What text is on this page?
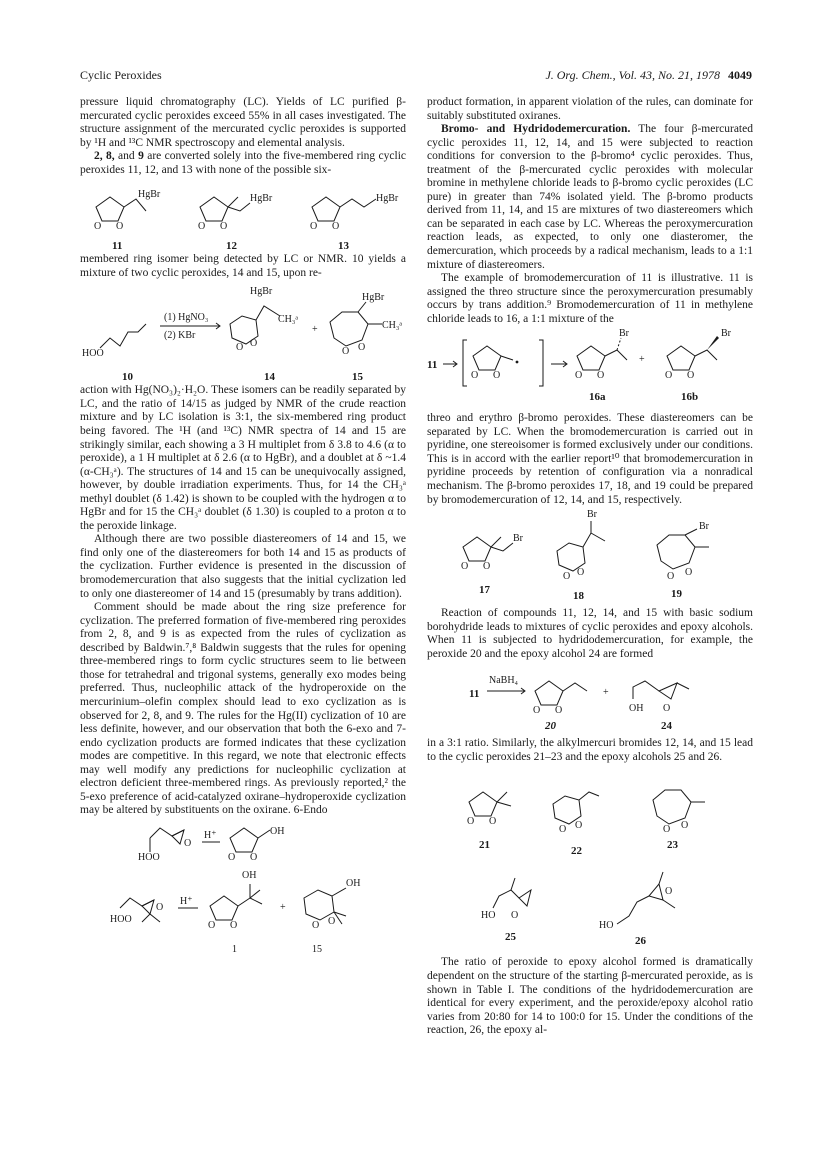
Cyclic Peroxides	J. Org. Chem., Vol. 43, No. 21, 1978 4049

pressure liquid chromatography (LC). Yields of LC purified β-mercurated cyclic peroxides exceed 55% in all cases investigated. The structure assignment of the mercurated cyclic peroxides is supported by ¹H and ¹³C NMR spectroscopy and elemental analysis.

2, 8, and 9 are converted solely into the five-membered ring cyclic peroxides 11, 12, and 13 with none of the possible six-

O O
HgBr
11
O O
HgBr
12
O O
HgBr
13

membered ring isomer being detected by LC or NMR. 10 yields a mixture of two cyclic peroxides, 14 and 15, upon re-

HOO
10
(1) HgNO₃
(2) KBr
O O
HgBr
CH₃ᵃ
14
+
O O
HgBr
CH₃ᵃ
15

action with Hg(NO₃)₂·H₂O. These isomers can be readily separated by LC, and the ratio of 14/15 as judged by NMR of the crude reaction mixture and by LC isolation is 3:1, the six-membered ring product being favored. The ¹H (and ¹³C) NMR spectra of 14 and 15 are strikingly similar, each showing a 3 H multiplet from δ 3.8 to 4.6 (α to peroxide), a 1 H multiplet at δ 2.6 (α to HgBr), and a doublet at δ ~1.4 (α-CH₃ᵃ). The structures of 14 and 15 can be unequivocally assigned, however, by double irradiation experiments. Thus, for 14 the CH₃ᵃ methyl doublet (δ 1.42) is shown to be coupled with the hydrogen α to HgBr and for 15 the CH₃ᵃ doublet (δ 1.30) is coupled to a proton α to the peroxide linkage.

Although there are two possible diastereomers of 14 and 15, we find only one of the diastereomers for both 14 and 15 as products of the cyclization. Further evidence is presented in the discussion of bromodemercuration that also suggests that the initial cyclization led to only one diastereomer of 14 and 15 (presumably by trans addition).

Comment should be made about the ring size preference for cyclization. The preferred formation of five-membered ring peroxides from 2, 8, and 9 is as expected from the rules of cyclization as described by Baldwin.⁷,⁸ Baldwin suggests that the rules for opening three-membered rings to form cyclic structures seem to lie between those for tetrahedral and trigonal systems, generally exo modes being preferred. Thus, nucleophilic attack of the hydroperoxide on the mercurinium–olefin complex should lead to exo cyclization as is observed for 2, 8, and 9. The rules for the Hg(II) cyclization of 10 are less definite, however, and our observation that both the 6-exo and 7-endo cyclization products are formed indicates that these cyclization modes are competitive. In this regard, we note that electronic effects may well modify any predictions for nucleophilic cyclization at electron deficient three-membered rings. As previously reported,² the 5-exo preference of acid-catalyzed oxirane–hydroperoxide cyclization may be altered by substituents on the oxirane. 6-Endo

O
HOO
H⁺
O O
OH
O
HOO
H⁺
O O
OH
1
+
O O
OH
15

product formation, in apparent violation of the rules, can dominate for suitably substituted oxiranes.

Bromo- and Hydridodemercuration. The four β-mercurated cyclic peroxides 11, 12, 14, and 15 were subjected to reaction conditions for conversion to the β-bromo⁴ cyclic peroxides. Thus, treatment of the β-mercurated cyclic peroxides with molecular bromine in methylene chloride leads to β-bromo cyclic peroxides (LC pure) in greater than 74% isolated yield. The β-bromo products derived from 11, 14, and 15 are mixtures of two diastereomers which can be separated in each case by LC. Whereas the peroxymercuration reaction leads, as expected, to only one diasteromer, the demercuration, which proceeds by a radical mechanism, leads to a 1:1 mixture of diastereomers.

The example of bromodemercuration of 11 is illustrative. 11 is assigned the threo structure since the peroxymercuration presumably occurs by trans addition.⁹ Bromodemercuration of 11 in methylene chloride leads to 16, a 1:1 mixture of the

11
O O	O O
Br
16a
+
O O
Br
16b

threo and erythro β-bromo peroxides. These diastereomers can be separated by LC. When the bromodemercuration is carried out in pyridine, one stereoisomer is formed exclusively under our conditions. This is in accord with the earlier report¹⁰ that bromodemercuration in pyridine proceeds by retention of configuration via a nonradical mechanism. The β-bromo peroxides 17, 18, and 19 could be prepared by bromodemercuration of 12, 14, and 15, respectively.

O O
Br
17
O O
Br
18
O O
Br
19

Reaction of compounds 11, 12, 14, and 15 with basic sodium borohydride leads to mixtures of cyclic peroxides and epoxy alcohols. When 11 is subjected to hydridodemercuration, for example, the peroxide 20 and the epoxy alcohol 24 are formed

11
NaBH₄
O O
20
+
OH O
24

in a 3:1 ratio. Similarly, the alkylmercuri bromides 12, 14, and 15 lead to the cyclic peroxides 21–23 and the epoxy alcohols 25 and 26.

O O
21
O O
22
O O
23
HO O
25
HO
O
26

The ratio of peroxide to epoxy alcohol formed is dramatically dependent on the structure of the starting β-mercurated peroxide, as is shown in Table I. The conditions of the hydridodemercuration are identical for every experiment, and the peroxide/epoxy alcohol ratio varies from 20:80 for 14 to 100:0 for 15. Under the conditions of the reaction, 26, the epoxy al-
